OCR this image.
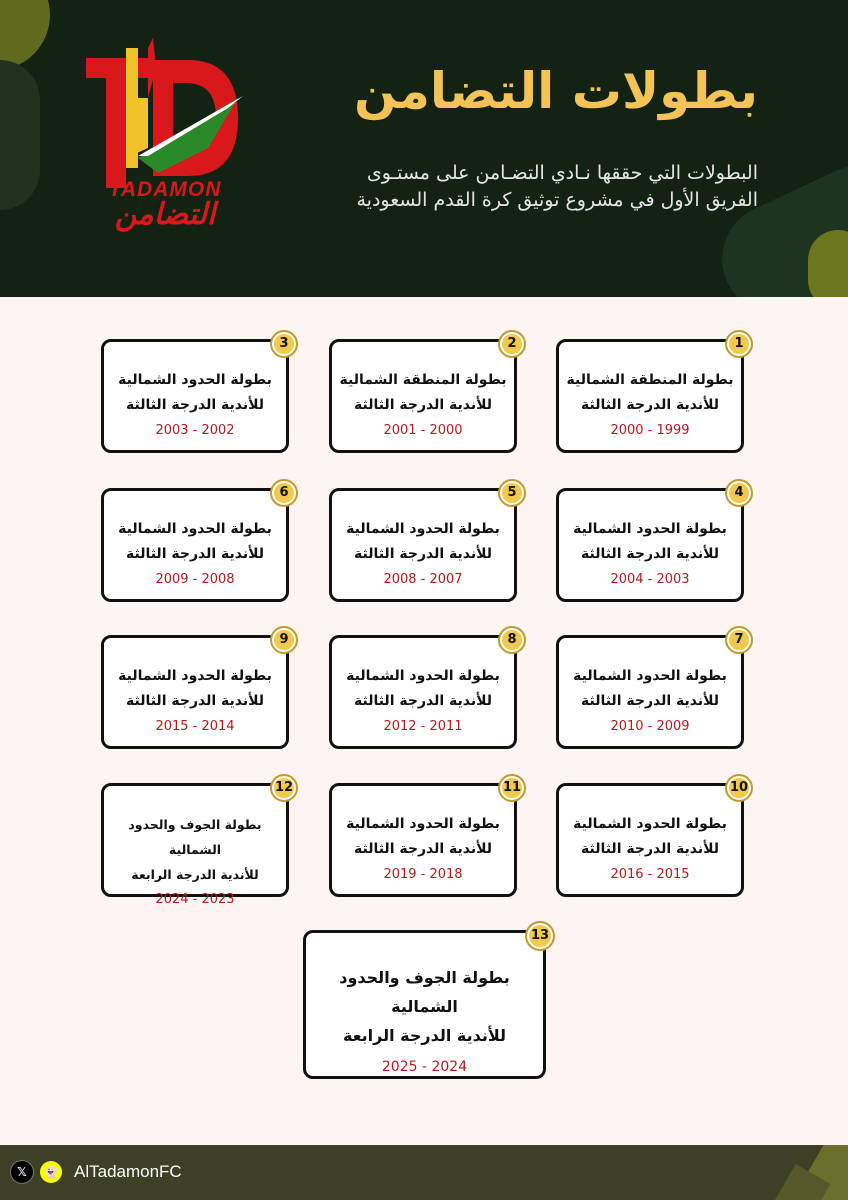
TADAMON
التضامن
بطولات التضامن
البطولات التي حققها نـادي التضـامن على مستـوى
الفريق الأول في مشروع توثيق كرة القدم السعودية
1
بطولة المنطقة الشمالية
للأندية الدرجة الثالثة
2000 - 1999
2
بطولة المنطقة الشمالية
للأندية الدرجة الثالثة
2001 - 2000
3
بطولة الحدود الشمالية
للأندية الدرجة الثالثة
2003 - 2002
4
بطولة الحدود الشمالية
للأندية الدرجة الثالثة
2004 - 2003
5
بطولة الحدود الشمالية
للأندية الدرجة الثالثة
2008 - 2007
6
بطولة الحدود الشمالية
للأندية الدرجة الثالثة
2009 - 2008
7
بطولة الحدود الشمالية
للأندية الدرجة الثالثة
2010 - 2009
8
بطولة الحدود الشمالية
للأندية الدرجة الثالثة
2012 - 2011
9
بطولة الحدود الشمالية
للأندية الدرجة الثالثة
2015 - 2014
10
بطولة الحدود الشمالية
للأندية الدرجة الثالثة
2016 - 2015
11
بطولة الحدود الشمالية
للأندية الدرجة الثالثة
2019 - 2018
12
بطولة الجوف والحدود الشمالية
للأندية الدرجة الرابعة
2024 - 2023
13
بطولة الجوف والحدود الشمالية
للأندية الدرجة الرابعة
2025 - 2024
𝕏	👻 AlTadamonFC
